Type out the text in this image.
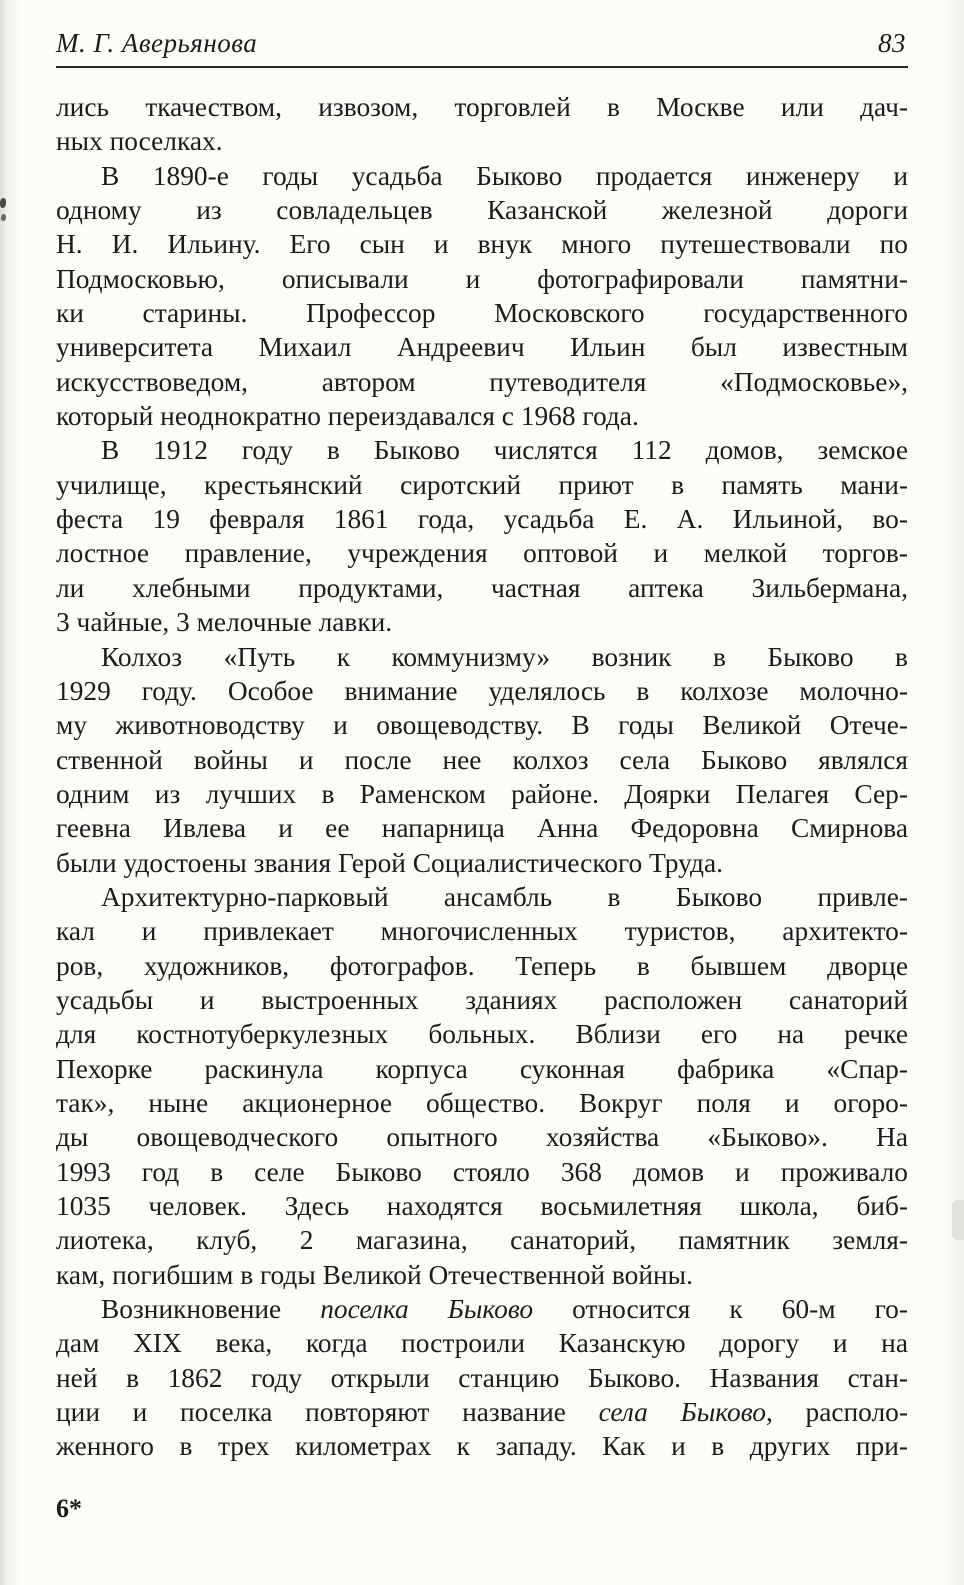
М. Г. Аверьянова	83
лись ткачеством, извозом, торговлей в Москве или дач-
ных поселках.
В 1890-е годы усадьба Быково продается инженеру и
одному из совладельцев Казанской железной дороги
Н. И. Ильину. Его сын и внук много путешествовали по
Подмосковью, описывали и фотографировали памятни-
ки старины. Профессор Московского государственного
университета Михаил Андреевич Ильин был известным
искусствоведом, автором путеводителя «Подмосковье»,
который неоднократно переиздавался с 1968 года.
В 1912 году в Быково числятся 112 домов, земское
училище, крестьянский сиротский приют в память мани-
феста 19 февраля 1861 года, усадьба Е. А. Ильиной, во-
лостное правление, учреждения оптовой и мелкой торгов-
ли хлебными продуктами, частная аптека Зильбермана,
3 чайные, 3 мелочные лавки.
Колхоз «Путь к коммунизму» возник в Быково в
1929 году. Особое внимание уделялось в колхозе молочно-
му животноводству и овощеводству. В годы Великой Отече-
ственной войны и после нее колхоз села Быково являлся
одним из лучших в Раменском районе. Доярки Пелагея Сер-
геевна Ивлева и ее напарница Анна Федоровна Смирнова
были удостоены звания Герой Социалистического Труда.
Архитектурно-парковый ансамбль в Быково привле-
кал и привлекает многочисленных туристов, архитекто-
ров, художников, фотографов. Теперь в бывшем дворце
усадьбы и выстроенных зданиях расположен санаторий
для костнотуберкулезных больных. Вблизи его на речке
Пехорке раскинула корпуса суконная фабрика «Спар-
так», ныне акционерное общество. Вокруг поля и огоро-
ды овощеводческого опытного хозяйства «Быково». На
1993 год в селе Быково стояло 368 домов и проживало
1035 человек. Здесь находятся восьмилетняя школа, биб-
лиотека, клуб, 2 магазина, санаторий, памятник земля-
кам, погибшим в годы Великой Отечественной войны.
Возникновение поселка Быково относится к 60-м го-
дам XIX века, когда построили Казанскую дорогу и на
ней в 1862 году открыли станцию Быково. Названия стан-
ции и поселка повторяют название села Быково, располо-
женного в трех километрах к западу. Как и в других при-
6*
